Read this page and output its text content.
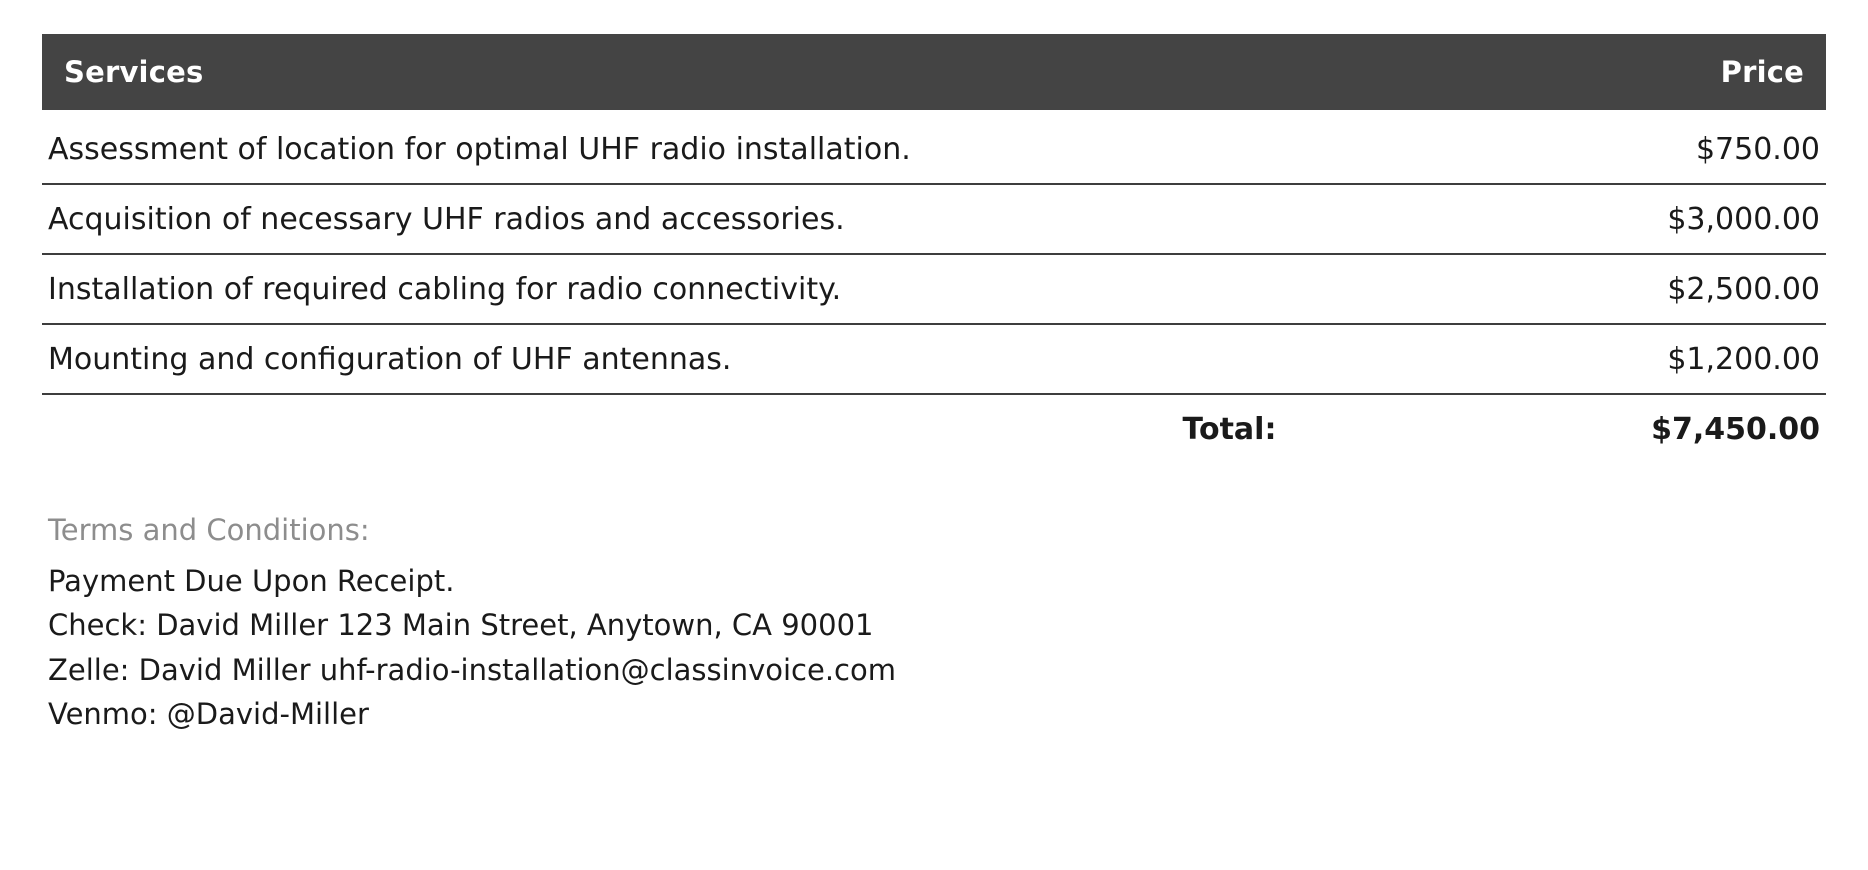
Services	Price
Assessment of location for optimal UHF radio installation.	$750.00
Acquisition of necessary UHF radios and accessories.	$3,000.00
Installation of required cabling for radio connectivity.	$2,500.00
Mounting and configuration of UHF antennas.	$1,200.00
Total:	$7,450.00
Terms and Conditions:
Payment Due Upon Receipt.
Check: David Miller 123 Main Street, Anytown, CA 90001
Zelle: David Miller uhf-radio-installation@classinvoice.com
Venmo: @David-Miller
